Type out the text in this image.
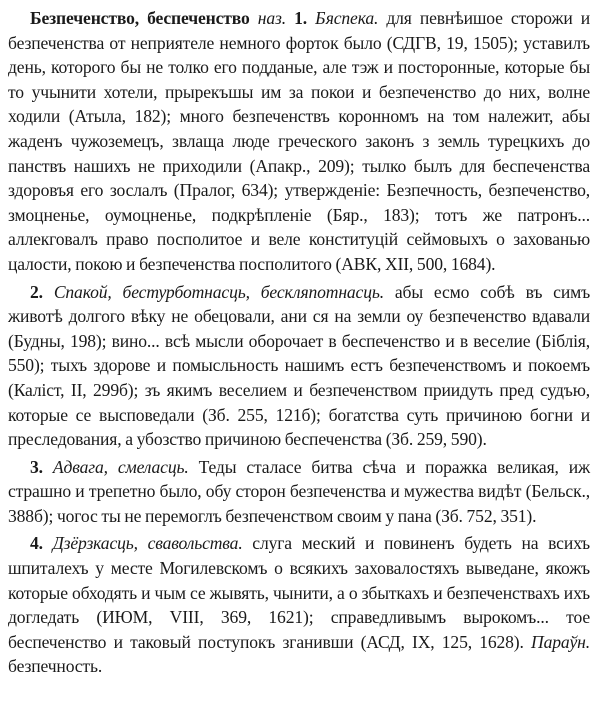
Безпеченство, беспеченство наз. 1. Бяспека. для певнѣишое сторожи и безпеченства от неприятеле немного форток было (СДГВ, 19, 1505); уставилъ день, которого бы не толко его подданые, але тэж и посторонные, которые бы то учынити хотели, прырекъшы им за покои и безпеченство до них, волне ходили (Атыла, 182); много безпеченствъ коронномъ на том належит, абы жаденъ чужоземецъ, звлаща люде греческого законъ з земль турецкихъ до панствъ нашихъ не приходили (Апакр., 209); тылко былъ для беспеченства здоровъя его зослалъ (Пралог, 634); утвержденіе: Безпечность, безпеченство, змоцненье, оумоцненье, подкрѣпленіе (Бяр., 183); тотъ же патронъ... аллекговалъ право посполитое и веле конституцій сеймовыхъ о захованью цалости, покою и безпеченства посполитого (АВК, XII, 500, 1684).

2. Спакой, бестурботнасць, бескляпотнасць. абы есмо собѣ въ симъ животѣ долгого вѣку не обецовали, ани ся на земли оу безпеченство вдавали (Будны, 198); вино... всѣ мысли оборочает в беспеченство и в веселие (Біблія, 550); тыхъ здорове и помысльность нашимъ естъ безпеченствомъ и покоемъ (Каліст, II, 299б); зъ якимъ веселием и безпеченством приидуть пред судъю, которые се выcповедали (Зб. 255, 121б); богатства суть причиною богни и преследования, а убозство причиною беспеченства (Зб. 259, 590).

3. Адвага, смеласць. Теды сталасе битва сѣча и поражка великая, иж страшно и трепетно было, обу сторон безпеченства и мужества видѣт (Бельск., 388б); чогос ты не перемоглъ безпеченством своим у пана (Зб. 752, 351).

4. Дзёрзкасць, свавольства. слуга меский и повиненъ будеть на всихъ шпиталехъ у месте Могилевскомъ о всякихъ заховалостяхъ выведане, якожъ которые обходять и чым се жывять, чынити, а о збыткахъ и безпеченствахъ ихъ догледать (ИЮМ, VIII, 369, 1621); справедливымъ вырокомъ... тое беспеченство и таковый поступокъ зганивши (АСД, IX, 125, 1628). Параўн. безпечность.
